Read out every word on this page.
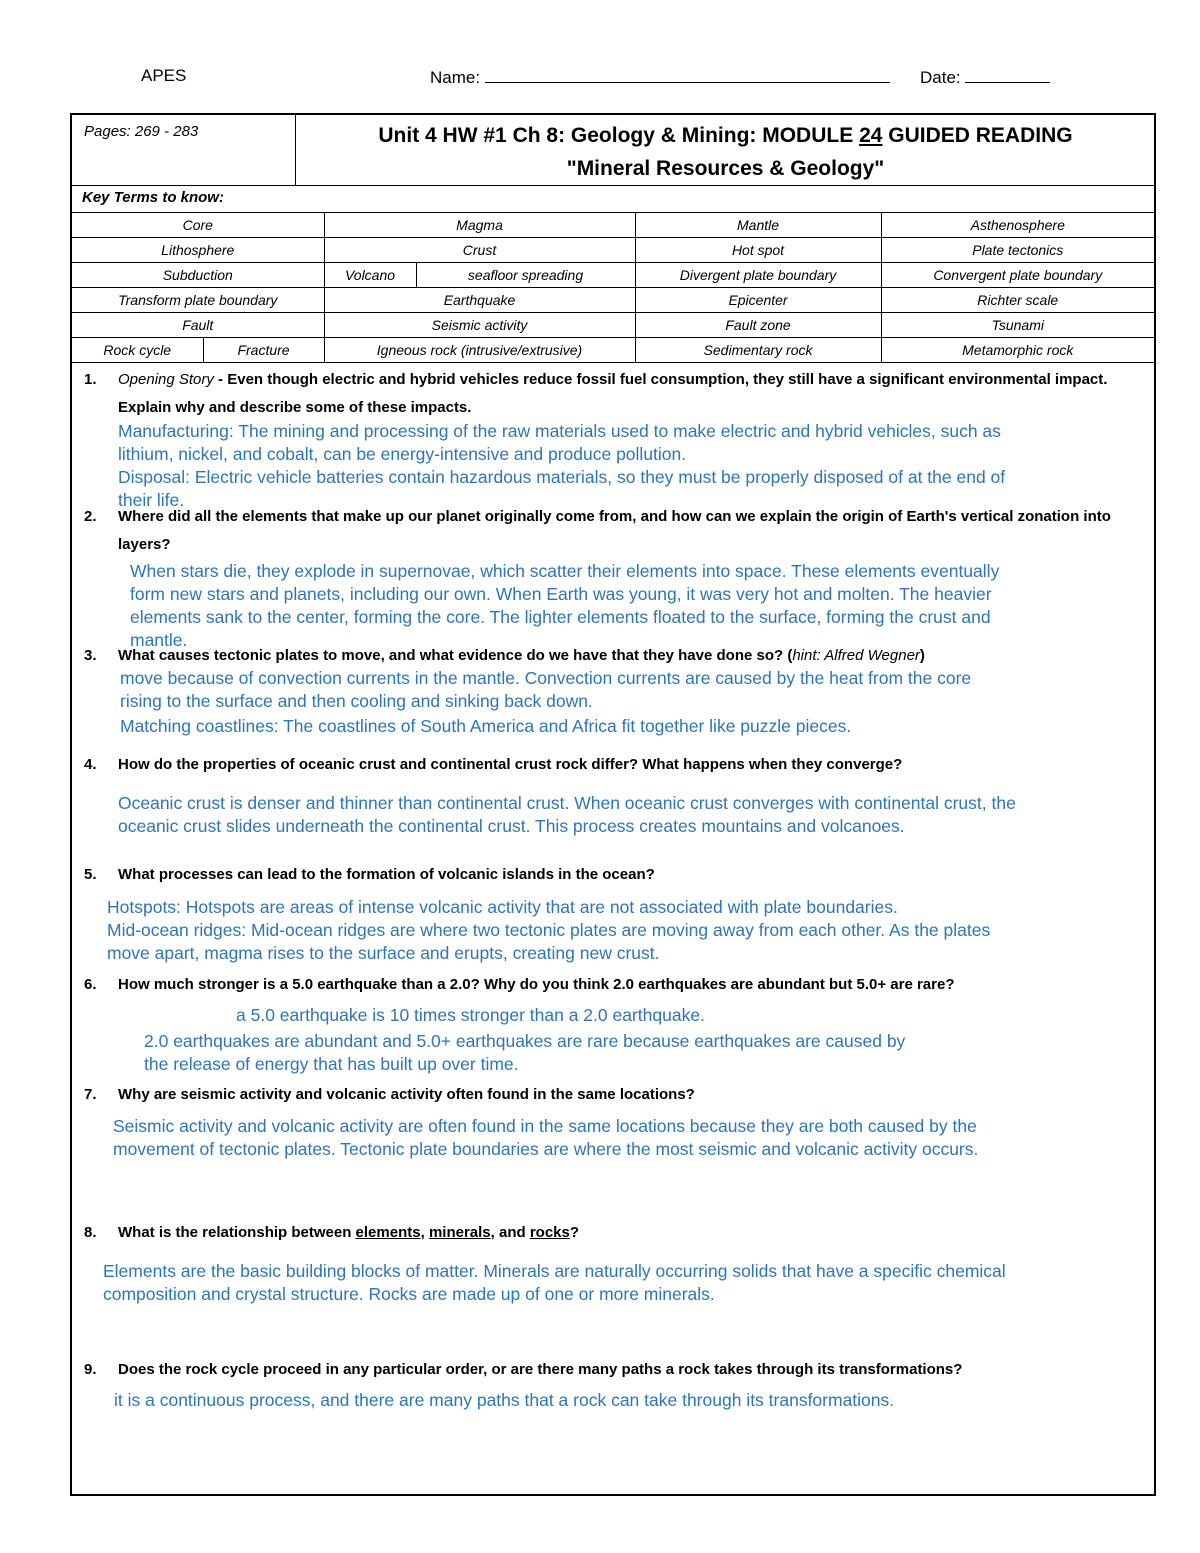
APES	Name:	Date:
Pages: 269 - 283	Unit 4 HW #1 Ch 8: Geology & Mining: MODULE 24 GUIDED READING
"Mineral Resources & Geology"
Key Terms to know:
Core		Magma		Mantle	Asthenosphere
Lithosphere		Crust		Hot spot	Plate tectonics
Subduction		Volcano	seafloor spreading	Divergent plate boundary	Convergent plate boundary
Transform plate boundary		Earthquake		Epicenter	Richter scale
Fault		Seismic activity		Fault zone	Tsunami
Rock cycle	Fracture	Igneous rock (intrusive/extrusive)		Sedimentary rock	Metamorphic rock
1. Opening Story - Even though electric and hybrid vehicles reduce fossil fuel consumption, they still have a significant environmental impact. Explain why and describe some of these impacts.
Manufacturing: The mining and processing of the raw materials used to make electric and hybrid vehicles, such as
lithium, nickel, and cobalt, can be energy-intensive and produce pollution.
Disposal: Electric vehicle batteries contain hazardous materials, so they must be properly disposed of at the end of
their life.
2. Where did all the elements that make up our planet originally come from, and how can we explain the origin of Earth's vertical zonation into layers?
When stars die, they explode in supernovae, which scatter their elements into space. These elements eventually
form new stars and planets, including our own. When Earth was young, it was very hot and molten. The heavier
elements sank to the center, forming the core. The lighter elements floated to the surface, forming the crust and
mantle.
3. What causes tectonic plates to move, and what evidence do we have that they have done so? (hint: Alfred Wegner)
move because of convection currents in the mantle. Convection currents are caused by the heat from the core
rising to the surface and then cooling and sinking back down.
Matching coastlines: The coastlines of South America and Africa fit together like puzzle pieces.
4. How do the properties of oceanic crust and continental crust rock differ? What happens when they converge?
Oceanic crust is denser and thinner than continental crust. When oceanic crust converges with continental crust, the
oceanic crust slides underneath the continental crust. This process creates mountains and volcanoes.
5. What processes can lead to the formation of volcanic islands in the ocean?
Hotspots: Hotspots are areas of intense volcanic activity that are not associated with plate boundaries.
Mid-ocean ridges: Mid-ocean ridges are where two tectonic plates are moving away from each other. As the plates
move apart, magma rises to the surface and erupts, creating new crust.
6. How much stronger is a 5.0 earthquake than a 2.0? Why do you think 2.0 earthquakes are abundant but 5.0+ are rare?
a 5.0 earthquake is 10 times stronger than a 2.0 earthquake.
2.0 earthquakes are abundant and 5.0+ earthquakes are rare because earthquakes are caused by
the release of energy that has built up over time.
7. Why are seismic activity and volcanic activity often found in the same locations?
Seismic activity and volcanic activity are often found in the same locations because they are both caused by the
movement of tectonic plates. Tectonic plate boundaries are where the most seismic and volcanic activity occurs.
8. What is the relationship between elements, minerals, and rocks?
Elements are the basic building blocks of matter. Minerals are naturally occurring solids that have a specific chemical
composition and crystal structure. Rocks are made up of one or more minerals.
9. Does the rock cycle proceed in any particular order, or are there many paths a rock takes through its transformations?
it is a continuous process, and there are many paths that a rock can take through its transformations.
